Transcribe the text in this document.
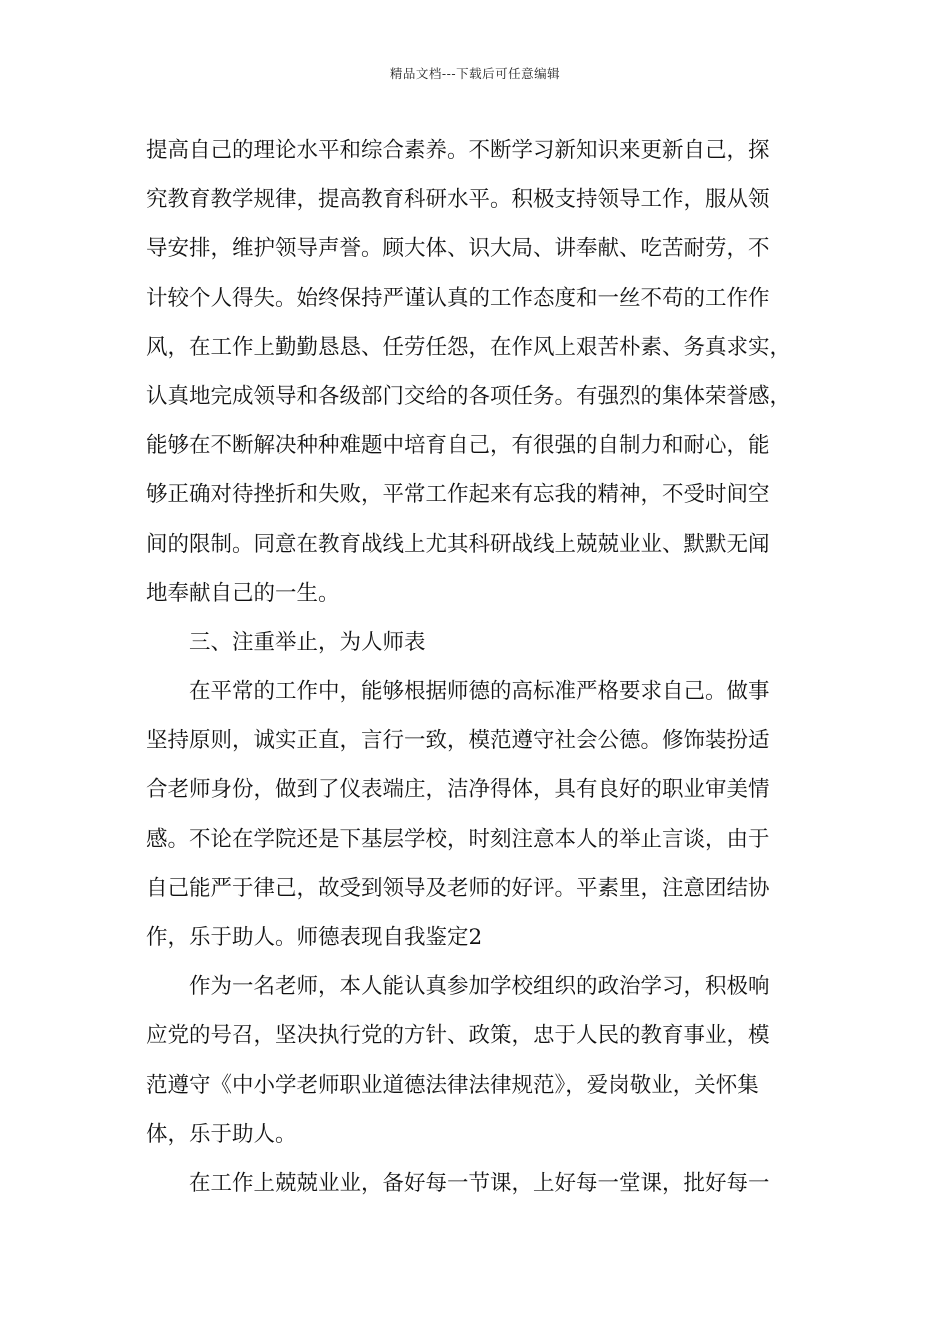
精品文档---下载后可任意编辑
提高自己的理论水平和综合素养。不断学习新知识来更新自己，探
究教育教学规律，提高教育科研水平。积极支持领导工作，服从领
导安排，维护领导声誉。顾大体、识大局、讲奉献、吃苦耐劳，不
计较个人得失。始终保持严谨认真的工作态度和一丝不苟的工作作
风，在工作上勤勤恳恳、任劳任怨，在作风上艰苦朴素、务真求实，
认真地完成领导和各级部门交给的各项任务。有强烈的集体荣誉感，
能够在不断解决种种难题中培育自己，有很强的自制力和耐心，能
够正确对待挫折和失败，平常工作起来有忘我的精神，不受时间空
间的限制。同意在教育战线上尤其科研战线上兢兢业业、默默无闻
地奉献自己的一生。
三、注重举止，为人师表
在平常的工作中，能够根据师德的高标准严格要求自己。做事
坚持原则，诚实正直，言行一致，模范遵守社会公德。修饰装扮适
合老师身份，做到了仪表端庄，洁净得体，具有良好的职业审美情
感。不论在学院还是下基层学校，时刻注意本人的举止言谈，由于
自己能严于律己，故受到领导及老师的好评。平素里，注意团结协
作，乐于助人。师德表现自我鉴定2
作为一名老师，本人能认真参加学校组织的政治学习，积极响
应党的号召，坚决执行党的方针、政策，忠于人民的教育事业，模
范遵守《中小学老师职业道德法律法律规范》，爱岗敬业，关怀集
体，乐于助人。
在工作上兢兢业业，备好每一节课，上好每一堂课，批好每一
